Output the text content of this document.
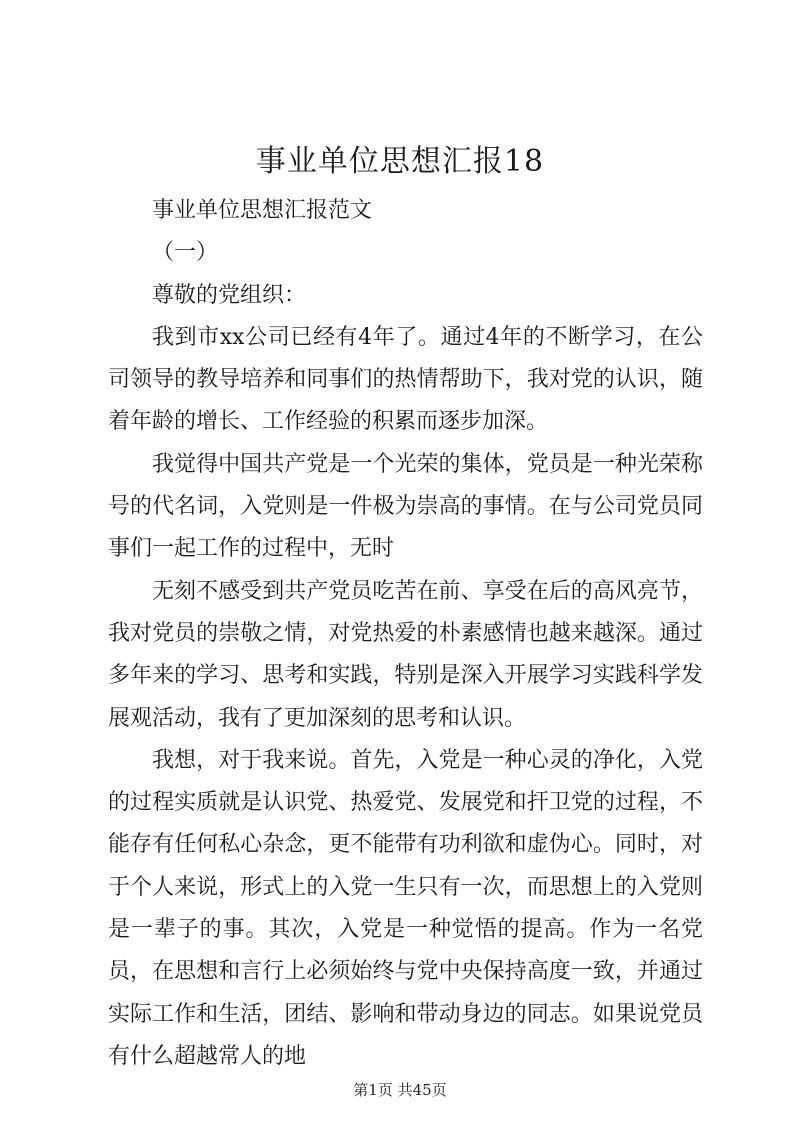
事业单位思想汇报18

事业单位思想汇报范文

（一）

尊敬的党组织：

我到市xx公司已经有4年了。通过4年的不断学习，在公司领导的教导培养和同事们的热情帮助下，我对党的认识，随着年龄的增长、工作经验的积累而逐步加深。

我觉得中国共产党是一个光荣的集体，党员是一种光荣称号的代名词，入党则是一件极为崇高的事情。在与公司党员同事们一起工作的过程中，无时

无刻不感受到共产党员吃苦在前、享受在后的高风亮节，我对党员的崇敬之情，对党热爱的朴素感情也越来越深。通过多年来的学习、思考和实践，特别是深入开展学习实践科学发展观活动，我有了更加深刻的思考和认识。

我想，对于我来说。首先，入党是一种心灵的净化，入党的过程实质就是认识党、热爱党、发展党和扞卫党的过程，不能存有任何私心杂念，更不能带有功利欲和虚伪心。同时，对于个人来说，形式上的入党一生只有一次，而思想上的入党则是一辈子的事。其次，入党是一种觉悟的提高。作为一名党员，在思想和言行上必须始终与党中央保持高度一致，并通过实际工作和生活，团结、影响和带动身边的同志。如果说党员有什么超越常人的地

第1页 共45页
